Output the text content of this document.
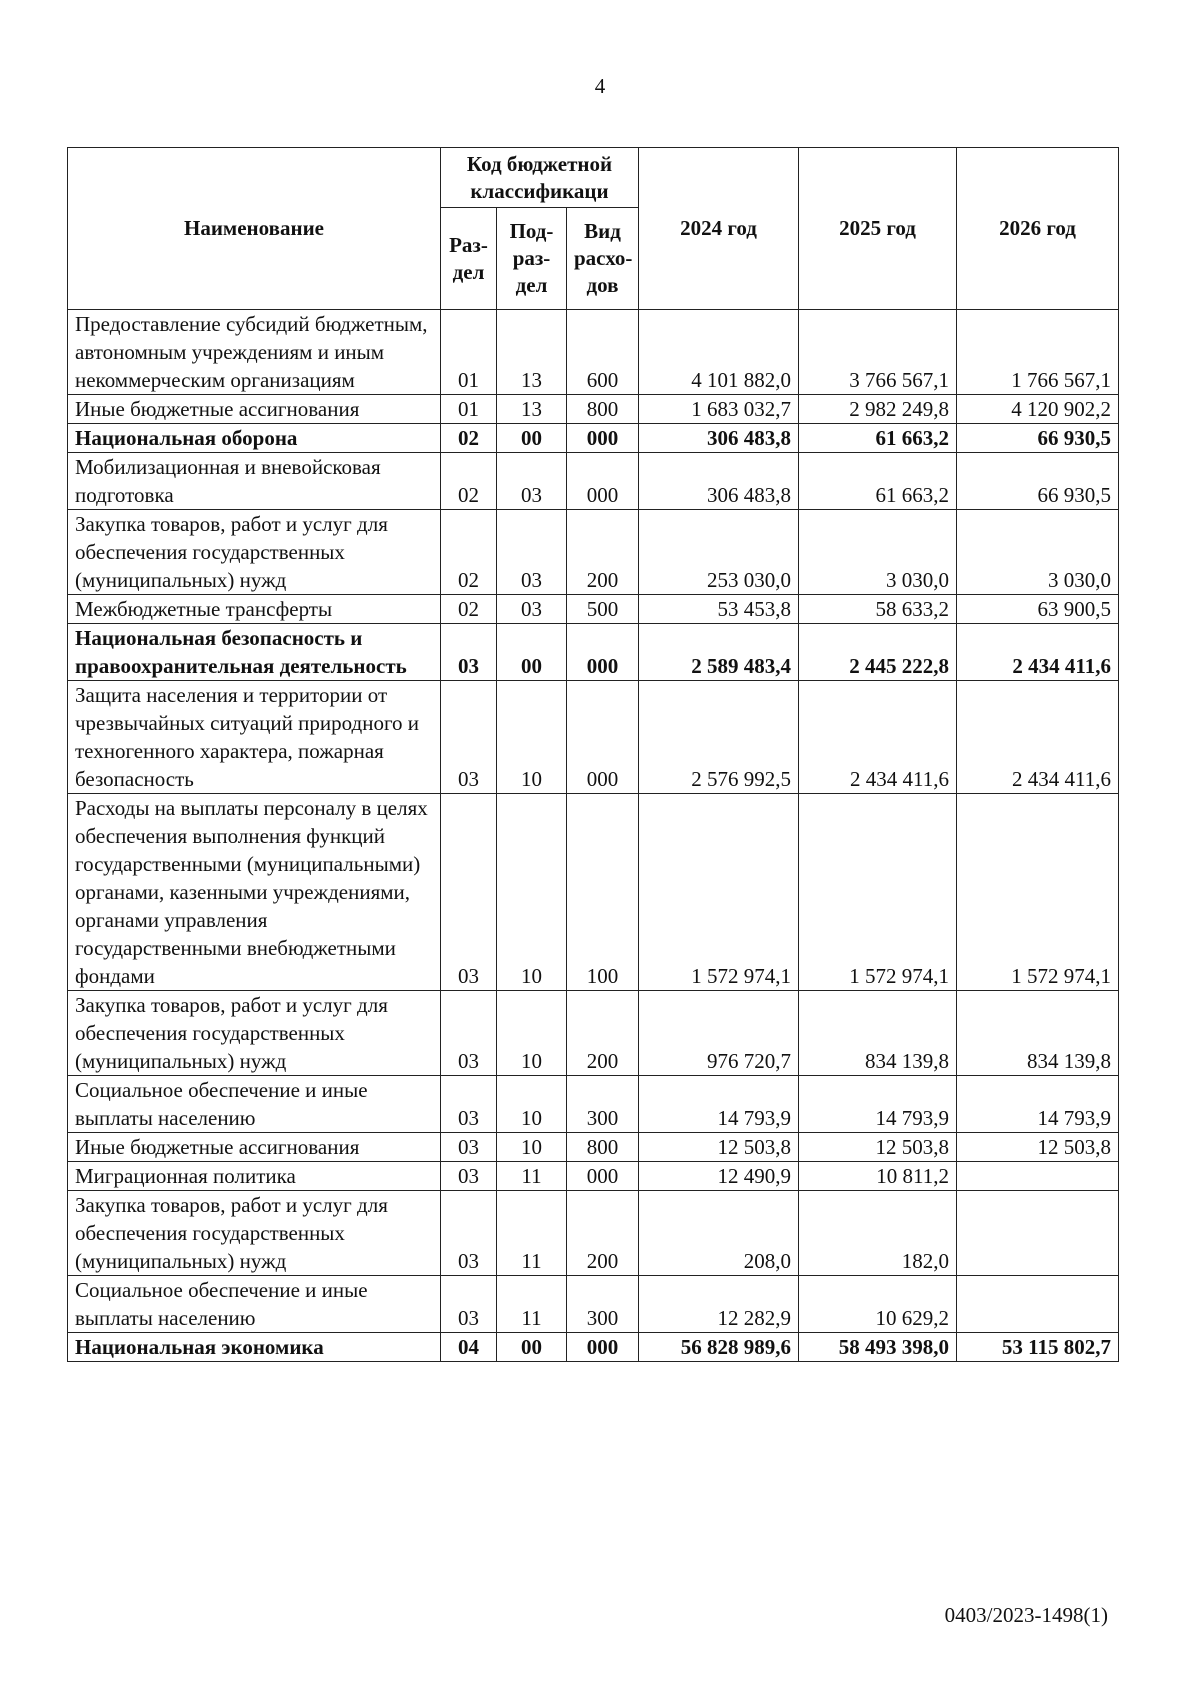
4
Наименование	Код бюджетной классификаци			2024 год	2025 год	2026 год
	Раз-дел	Под-раз-дел	Вид расхо-дов			
Предоставление субсидий бюджетным, автономным учреждениям и иным некоммерческим организациям	01	13	600	4 101 882,0	3 766 567,1	1 766 567,1
Иные бюджетные ассигнования	01	13	800	1 683 032,7	2 982 249,8	4 120 902,2
Национальная оборона	02	00	000	306 483,8	61 663,2	66 930,5
Мобилизационная и вневойсковая подготовка	02	03	000	306 483,8	61 663,2	66 930,5
Закупка товаров, работ и услуг для обеспечения государственных (муниципальных) нужд	02	03	200	253 030,0	3 030,0	3 030,0
Межбюджетные трансферты	02	03	500	53 453,8	58 633,2	63 900,5
Национальная безопасность и правоохранительная деятельность	03	00	000	2 589 483,4	2 445 222,8	2 434 411,6
Защита населения и территории от чрезвычайных ситуаций природного и техногенного характера, пожарная безопасность	03	10	000	2 576 992,5	2 434 411,6	2 434 411,6
Расходы на выплаты персоналу в целях обеспечения выполнения функций государственными (муниципальными) органами, казенными учреждениями, органами управления государственными внебюджетными фондами	03	10	100	1 572 974,1	1 572 974,1	1 572 974,1
Закупка товаров, работ и услуг для обеспечения государственных (муниципальных) нужд	03	10	200	976 720,7	834 139,8	834 139,8
Социальное обеспечение и иные выплаты населению	03	10	300	14 793,9	14 793,9	14 793,9
Иные бюджетные ассигнования	03	10	800	12 503,8	12 503,8	12 503,8
Миграционная политика	03	11	000	12 490,9	10 811,2	
Закупка товаров, работ и услуг для обеспечения государственных (муниципальных) нужд	03	11	200	208,0	182,0	
Социальное обеспечение и иные выплаты населению	03	11	300	12 282,9	10 629,2	
Национальная экономика	04	00	000	56 828 989,6	58 493 398,0	53 115 802,7
0403/2023-1498(1)
